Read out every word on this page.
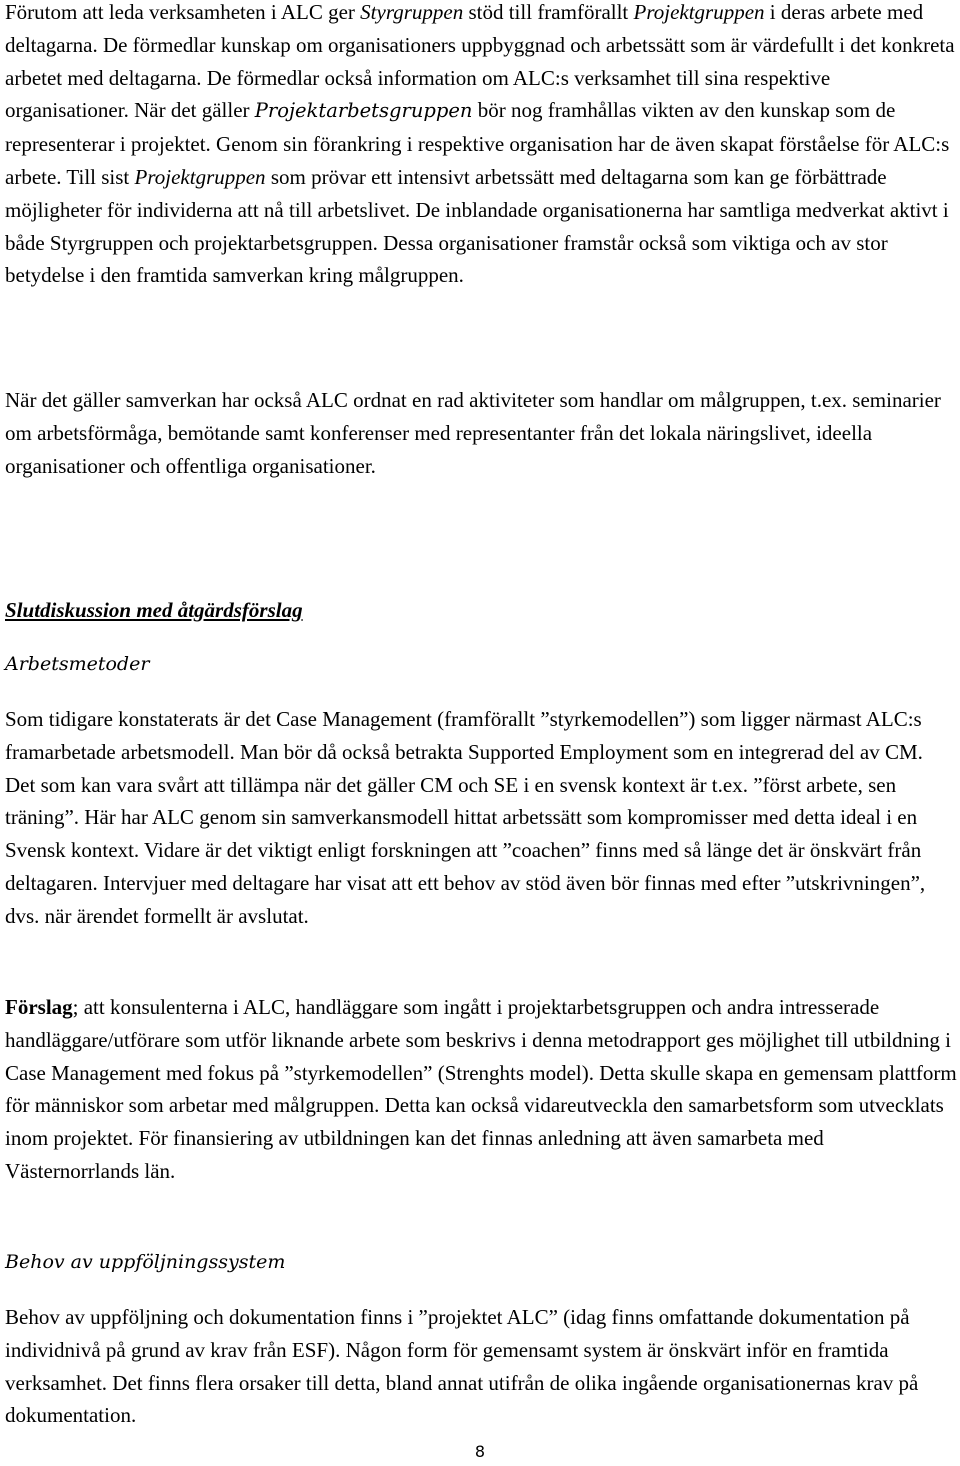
Förutom att leda verksamheten i ALC ger Styrgruppen stöd till framförallt Projektgruppen i deras arbete med deltagarna. De förmedlar kunskap om organisationers uppbyggnad och arbetssätt som är värdefullt i det konkreta arbetet med deltagarna. De förmedlar också information om ALC:s verksamhet till sina respektive organisationer. När det gäller Projektarbetsgruppen bör nog framhållas vikten av den kunskap som de representerar i projektet. Genom sin förankring i respektive organisation har de även skapat förståelse för ALC:s arbete. Till sist Projektgruppen som prövar ett intensivt arbetssätt med deltagarna som kan ge förbättrade möjligheter för individerna att nå till arbetslivet. De inblandade organisationerna har samtliga medverkat aktivt i både Styrgruppen och projektarbetsgruppen. Dessa organisationer framstår också som viktiga och av stor betydelse i den framtida samverkan kring målgruppen.

När det gäller samverkan har också ALC ordnat en rad aktiviteter som handlar om målgruppen, t.ex. seminarier om arbetsförmåga, bemötande samt konferenser med representanter från det lokala näringslivet, ideella organisationer och offentliga organisationer.

Slutdiskussion med åtgärdsförslag

Arbetsmetoder

Som tidigare konstaterats är det Case Management (framförallt ”styrkemodellen”) som ligger närmast ALC:s framarbetade arbetsmodell. Man bör då också betrakta Supported Employment som en integrerad del av CM. Det som kan vara svårt att tillämpa när det gäller CM och SE i en svensk kontext är t.ex. ”först arbete, sen träning”. Här har ALC genom sin samverkansmodell hittat arbetssätt som kompromisser med detta ideal i en Svensk kontext. Vidare är det viktigt enligt forskningen att ”coachen” finns med så länge det är önskvärt från deltagaren. Intervjuer med deltagare har visat att ett behov av stöd även bör finnas med efter ”utskrivningen”, dvs. när ärendet formellt är avslutat.

Förslag; att konsulenterna i ALC, handläggare som ingått i projektarbetsgruppen och andra intresserade handläggare/utförare som utför liknande arbete som beskrivs i denna metodrapport ges möjlighet till utbildning i Case Management med fokus på ”styrkemodellen” (Strenghts model). Detta skulle skapa en gemensam plattform för människor som arbetar med målgruppen. Detta kan också vidareutveckla den samarbetsform som utvecklats inom projektet. För finansiering av utbildningen kan det finnas anledning att även samarbeta med Västernorrlands län.

Behov av uppföljningssystem

Behov av uppföljning och dokumentation finns i ”projektet ALC” (idag finns omfattande dokumentation på individnivå på grund av krav från ESF). Någon form för gemensamt system är önskvärt inför en framtida verksamhet. Det finns flera orsaker till detta, bland annat utifrån de olika ingående organisationernas krav på dokumentation.

8
